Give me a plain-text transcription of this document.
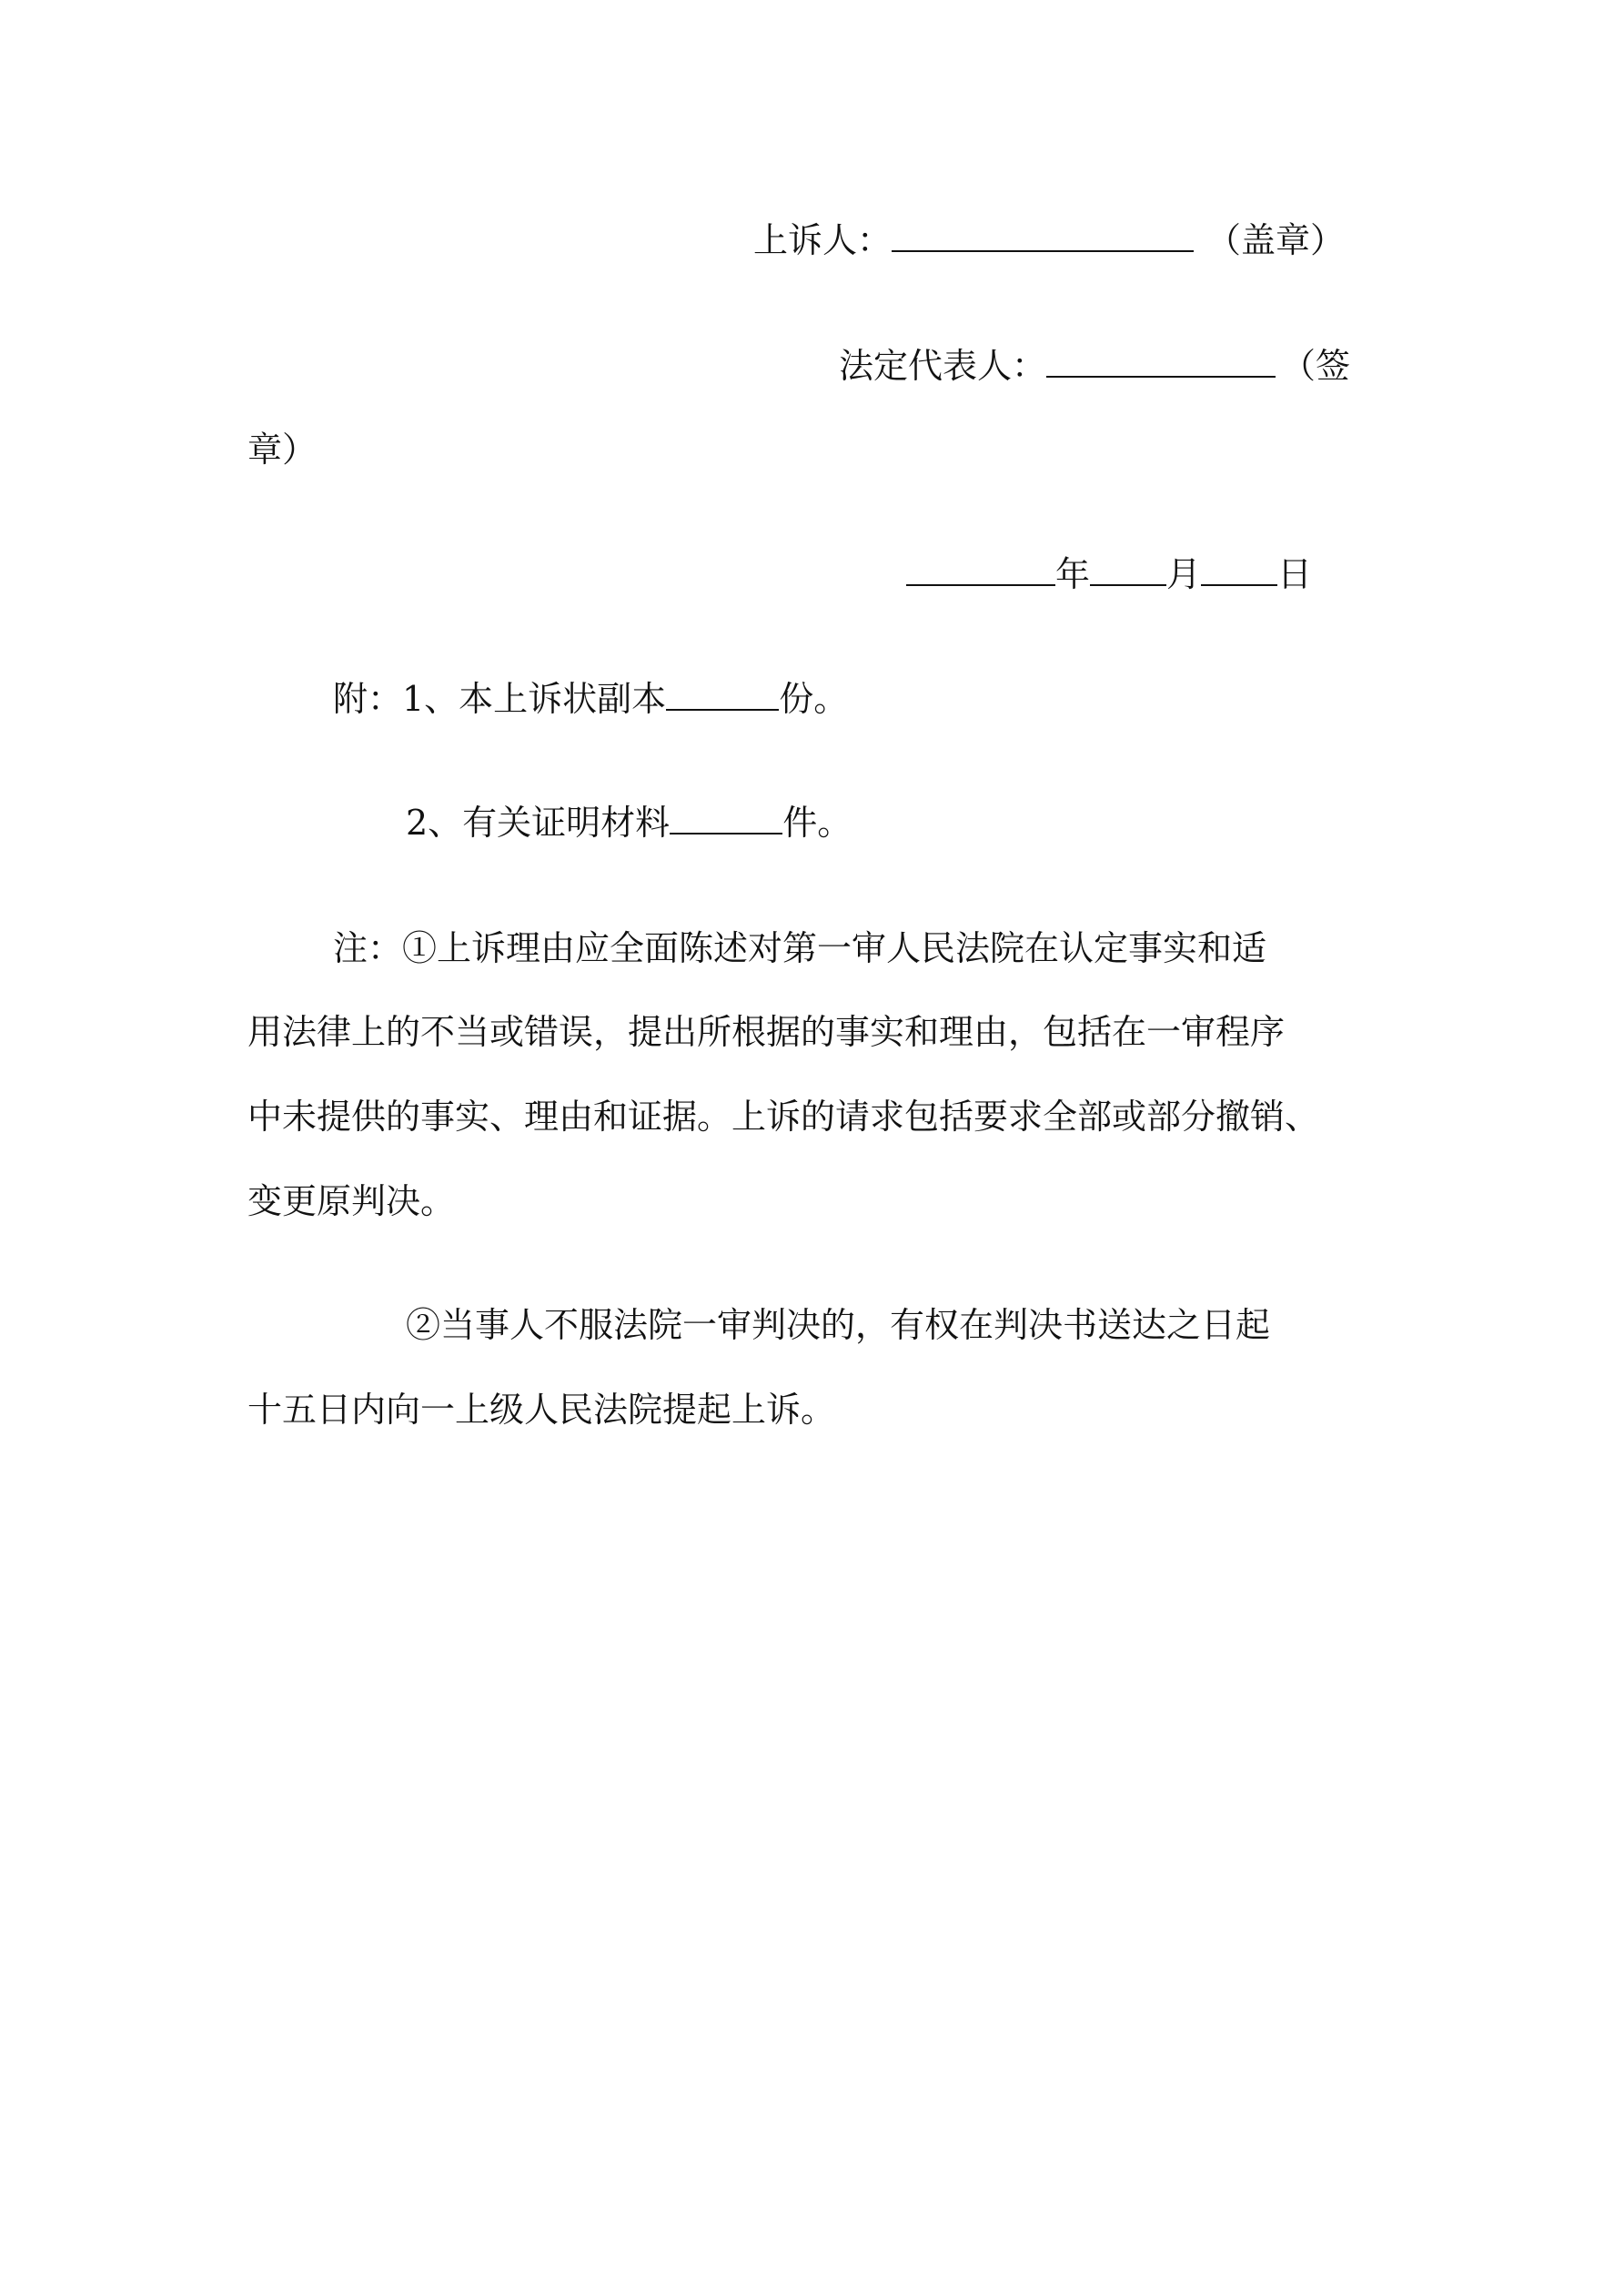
上诉人：	（盖章）
法定代表人：	（签
章）
年 月 日
附：1、本上诉状副本	份。
2、有关证明材料	件。
注：①上诉理由应全面陈述对第一审人民法院在认定事实和适
用法律上的不当或错误，提出所根据的事实和理由，包括在一审程序
中未提供的事实、理由和证据。上诉的请求包括要求全部或部分撤销、
变更原判决。
②当事人不服法院一审判决的，有权在判决书送达之日起
十五日内向一上级人民法院提起上诉。
